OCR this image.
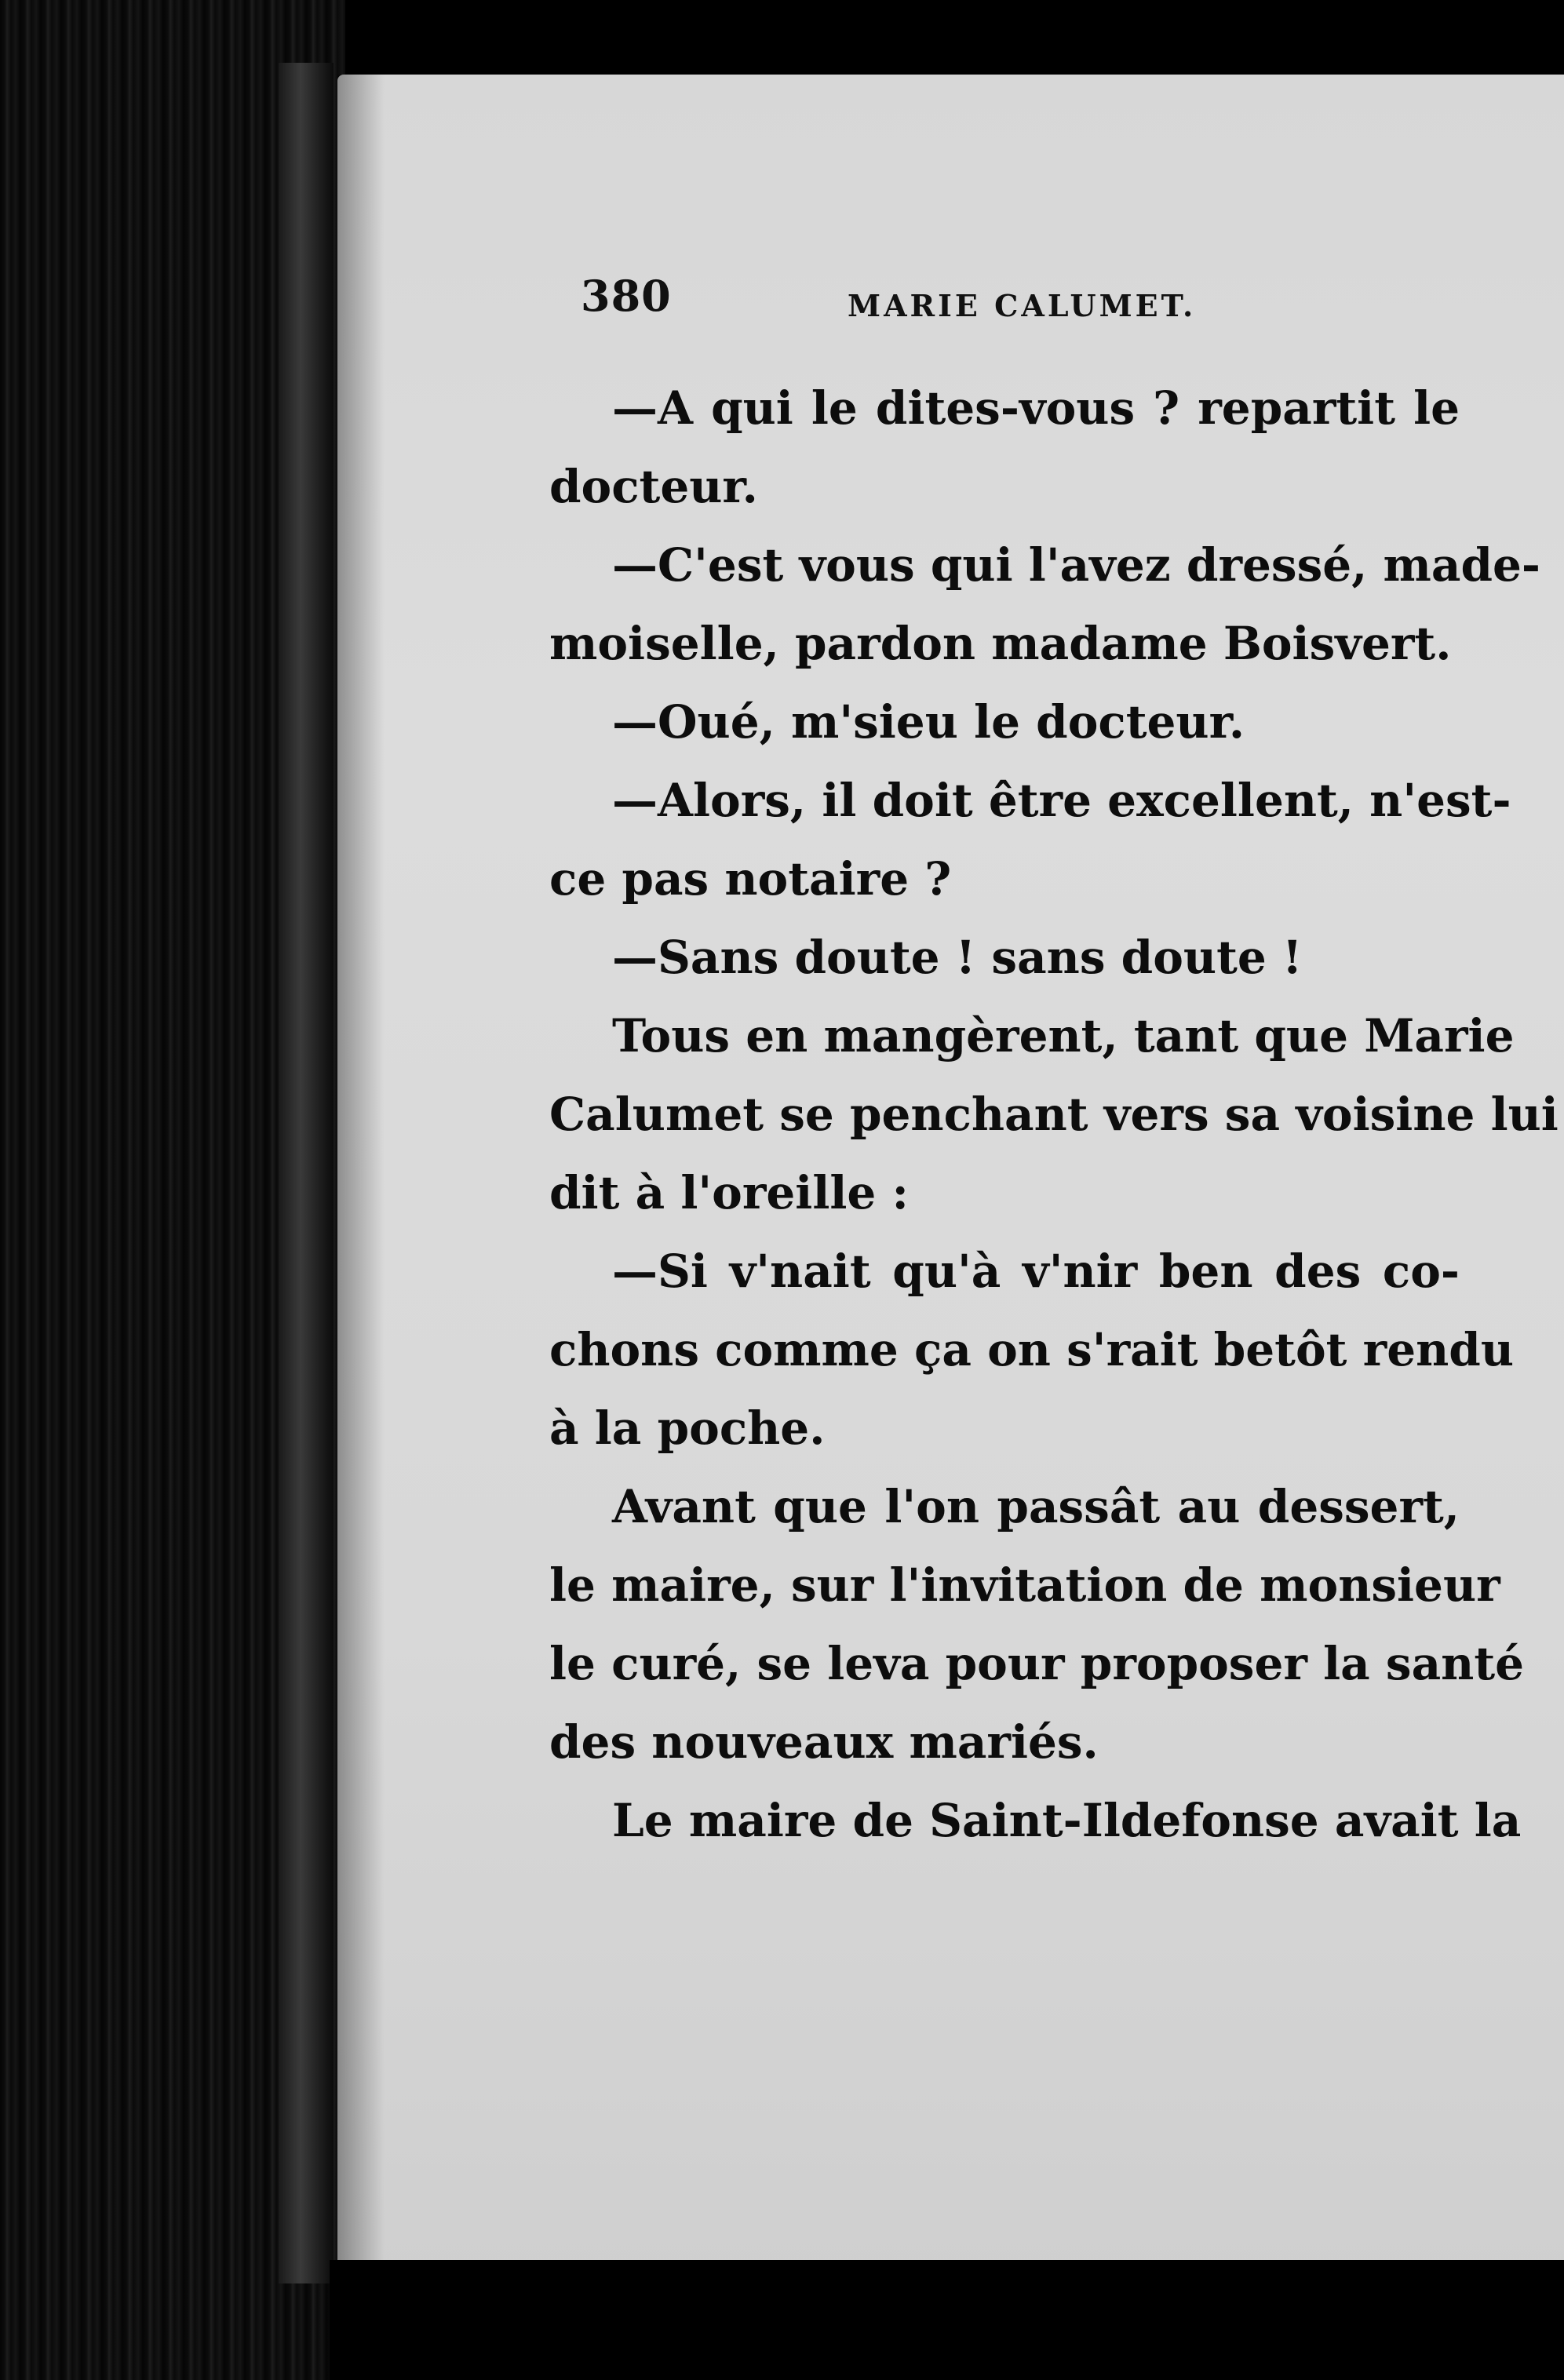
380	MARIE CALUMET.
—A qui le dites-vous ? repartit le
docteur.
—C'est vous qui l'avez dressé, made-
moiselle, pardon madame Boisvert.
—Oué, m'sieu le docteur.
—Alors, il doit être excellent, n'est-
ce pas notaire ?
—Sans doute ! sans doute !
Tous en mangèrent, tant que Marie
Calumet se penchant vers sa voisine lui
dit à l'oreille :
—Si v'nait qu'à v'nir ben des co-
chons comme ça on s'rait betôt rendu
à la poche.
Avant que l'on passât au dessert,
le maire, sur l'invitation de monsieur
le curé, se leva pour proposer la santé
des nouveaux mariés.
Le maire de Saint-Ildefonse avait la
